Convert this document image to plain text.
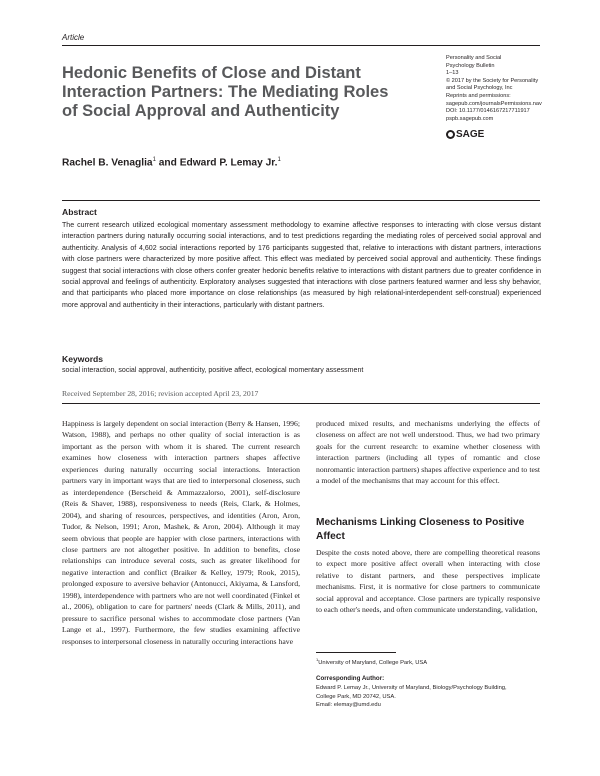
Article
Hedonic Benefits of Close and Distant Interaction Partners: The Mediating Roles of Social Approval and Authenticity
Personality and Social
Psychology Bulletin
1–13
© 2017 by the Society for Personality
and Social Psychology, Inc
Reprints and permissions:
sagepub.com/journalsPermissions.nav
DOI: 10.1177/0146167217711917
pspb.sagepub.com
SAGE
Rachel B. Venaglia$^1$ and Edward P. Lemay Jr.$^1$
Abstract

The current research utilized ecological momentary assessment methodology to examine affective responses to interacting with close versus distant interaction partners during naturally occurring social interactions, and to test predictions regarding the mediating roles of perceived social approval and authenticity. Analysis of 4,602 social interactions reported by 176 participants suggested that, relative to interactions with distant partners, interactions with close partners were characterized by more positive affect. This effect was mediated by perceived social approval and authenticity. These findings suggest that social interactions with close others confer greater hedonic benefits relative to interactions with distant partners due to greater confidence in social approval and feelings of authenticity. Exploratory analyses suggested that interactions with close partners featured warmer and less shy behavior, and that participants who placed more importance on close relationships (as measured by high relational-interdependent self-construal) experienced more approval and authenticity in their interactions, particularly with distant partners.

Keywords

social interaction, social approval, authenticity, positive affect, ecological momentary assessment

Received September 28, 2016; revision accepted April 23, 2017

Happiness is largely dependent on social interaction (Berry & Hansen, 1996; Watson, 1988), and perhaps no other quality of social interaction is as important as the person with whom it is shared. The current research examines how closeness with interaction partners shapes affective experiences during naturally occurring social interactions. Interaction partners vary in important ways that are tied to interpersonal closeness, such as interdependence (Berscheid & Ammazzalorso, 2001), self-disclosure (Reis & Shaver, 1988), responsiveness to needs (Reis, Clark, & Holmes, 2004), and sharing of resources, perspectives, and identities (Aron, Aron, Tudor, & Nelson, 1991; Aron, Mashek, & Aron, 2004). Although it may seem obvious that people are happier with close partners, interactions with close partners are not altogether positive. In addition to benefits, close relationships can introduce several costs, such as greater likelihood for negative interaction and conflict (Braiker & Kelley, 1979; Rook, 2015), prolonged exposure to aversive behavior (Antonucci, Akiyama, & Lansford, 1998), interdependence with partners who are not well coordinated (Finkel et al., 2006), obligation to care for partners' needs (Clark & Mills, 2011), and pressure to sacrifice personal wishes to accommodate close partners (Van Lange et al., 1997). Furthermore, the few studies examining affective responses to interpersonal closeness in naturally occuring interactions have

produced mixed results, and mechanisms underlying the effects of closeness on affect are not well understood. Thus, we had two primary goals for the current research: to examine whether closeness with interaction partners (including all types of romantic and close nonromantic interaction partners) shapes affective experience and to test a model of the mechanisms that may account for this effect.

Mechanisms Linking Closeness to Positive Affect

Despite the costs noted above, there are compelling theoretical reasons to expect more positive affect overall when interacting with close relative to distant partners, and these perspectives implicate mechanisms. First, it is normative for close partners to communicate social approval and acceptance. Close partners are typically responsive to each other's needs, and often communicate understanding, validation,

$^1$University of Maryland, College Park, USA
Corresponding Author:
Edward P. Lemay Jr., University of Maryland, Biology/Psychology Building,
College Park, MD 20742, USA.
Email: elemay@umd.edu
